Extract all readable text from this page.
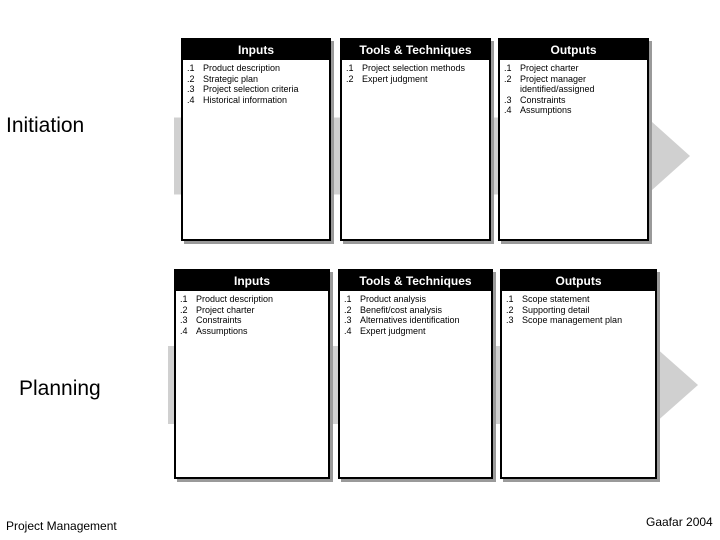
Initiation
Inputs
.1 Product description
.2 Strategic plan
.3 Project selection criteria
.4 Historical information
Tools & Techniques
.1 Project selection methods
.2 Expert judgment
Outputs
.1 Project charter
.2 Project manager
identified/assigned
.3 Constraints
.4 Assumptions
Planning
Inputs
.1 Product description
.2 Project charter
.3 Constraints
.4 Assumptions
Tools & Techniques
.1 Product analysis
.2 Benefit/cost analysis
.3 Alternatives identification
.4 Expert judgment
Outputs
.1 Scope statement
.2 Supporting detail
.3 Scope management plan
Project Management	Gaafar 2004
